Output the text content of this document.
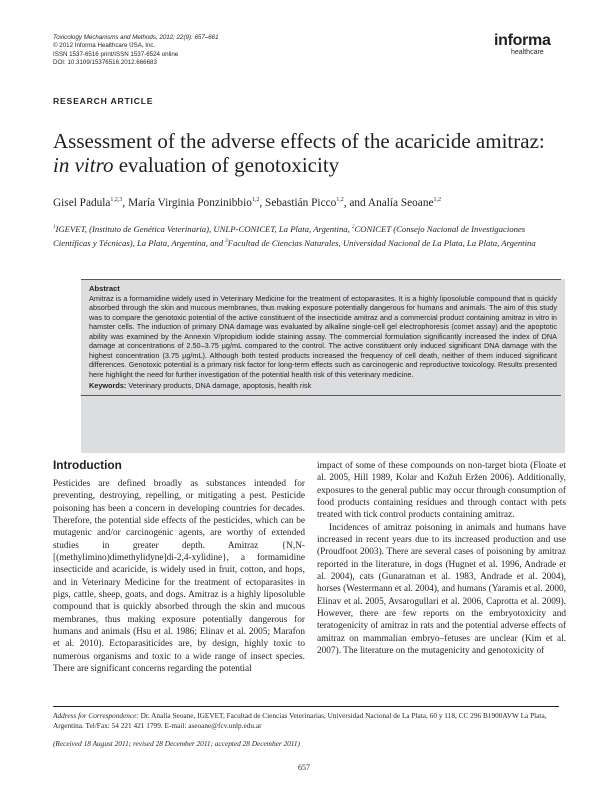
Toxicology Mechanisms and Methods, 2012; 22(9): 657–661
© 2012 Informa Healthcare USA, Inc.
ISSN 1537-6516 print/ISSN 1537-6524 online
DOI: 10.3109/15376516.2012.666683
informa
healthcare
RESEARCH ARTICLE
Assessment of the adverse effects of the acaricide amitraz:
in vitro evaluation of genotoxicity
Gisel Padula$^{1,2,3}$, María Virginia Ponzinibbio$^{1,2}$, Sebastián Picco$^{1,2}$, and Analía Seoane$^{1,2}$
$^1$IGEVET, (Instituto de Genética Veterinaria), UNLP-CONICET, La Plata, Argentina, $^2$CONICET (Consejo Nacional de Investigaciones Científicas y Técnicas), La Plata, Argentina, and $^3$Facultad de Ciencias Naturales, Universidad Nacional de La Plata, La Plata, Argentina
Abstract
Amitraz is a formamidine widely used in Veterinary Medicine for the treatment of ectoparasites. It is a highly liposoluble compound that is quickly absorbed through the skin and mucous membranes, thus making exposure potentially dangerous for humans and animals. The aim of this study was to compare the genotoxic potential of the active constituent of the insecticide amitraz and a commercial product containing amitraz in vitro in hamster cells. The induction of primary DNA damage was evaluated by alkaline single-cell gel electrophoresis (comet assay) and the apoptotic ability was examined by the Annexin V/propidium iodide staining assay. The commercial formulation significantly increased the index of DNA damage at concentrations of 2.50–3.75 µg/mL compared to the control. The active constituent only induced significant DNA damage with the highest concentration (3.75 µg/mL). Although both tested products increased the frequency of cell death, neither of them induced significant differences. Genotoxic potential is a primary risk factor for long-term effects such as carcinogenic and reproductive toxicology. Results presented here highlight the need for further investigation of the potential health risk of this veterinary medicine.
Keywords: Veterinary products, DNA damage, apoptosis, health risk
Introduction
Pesticides are defined broadly as substances intended for preventing, destroying, repelling, or mitigating a pest. Pesticide poisoning has been a concern in developing countries for decades. Therefore, the potential side effects of the pesticides, which can be mutagenic and/or carcinogenic agents, are worthy of extended studies in greater depth. Amitraz {N,N-[(methylimino)dimethylidyne]di-2,4-xylidine}, a formamidine insecticide and acaricide, is widely used in fruit, cotton, and hops, and in Veterinary Medicine for the treatment of ectoparasites in pigs, cattle, sheep, goats, and dogs. Amitraz is a highly liposoluble compound that is quickly absorbed through the skin and mucous membranes, thus making exposure potentially dangerous for humans and animals (Hsu et al. 1986; Elinav et al. 2005; Marafon et al. 2010). Ectoparasiticides are, by design, highly toxic to numerous organisms and toxic to a wide range of insect species. There are significant concerns regarding the potential
impact of some of these compounds on non-target biota (Floate et al. 2005, Hill 1989, Kolar and Kožuh Eržen 2006). Additionally, exposures to the general public may occur through consumption of food products containing residues and through contact with pets treated with tick control products containing amitraz.
Incidences of amitraz poisoning in animals and humans have increased in recent years due to its increased production and use (Proudfoot 2003). There are several cases of poisoning by amitraz reported in the literature, in dogs (Hugnet et al. 1996, Andrade et al. 2004), cats (Gunaratnan et al. 1983, Andrade et al. 2004), horses (Westermann et al. 2004), and humans (Yaramis et al. 2000, Elinav et al. 2005, Avsarogullari et al. 2006, Caprotta et al. 2009). However, there are few reports on the embryotoxicity and teratogenicity of amitraz in rats and the potential adverse effects of amitraz on mammalian embryo–fetuses are unclear (Kim et al. 2007). The literature on the mutagenicity and genotoxicity of
Address for Correspondence: Dr. Analía Seoane, IGEVET, Facultad de Ciencias Veterinarias, Universidad Nacional de La Plata, 60 y 118, CC 296 B1900AVW La Plata, Argentina. Tel/Fax: 54 221 421 1799. E-mail: aseoane@fcv.unlp.edu.ar
(Received 18 August 2011; revised 28 December 2011; accepted 28 December 2011)
657
